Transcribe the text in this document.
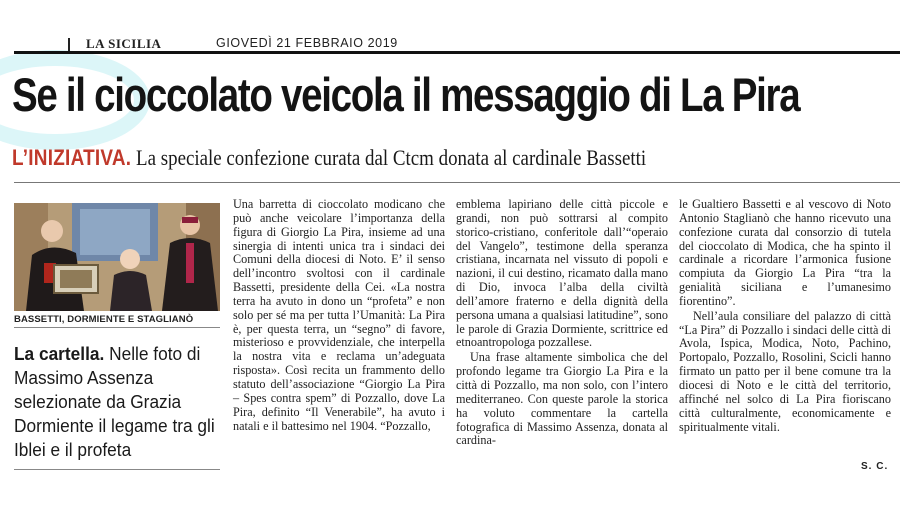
LA SICILIA	GIOVEDÌ 21 FEBBRAIO 2019
Se il cioccolato veicola il messaggio di La Pira
L’INIZIATIVA. La speciale confezione curata dal Ctcm donata al cardinale Bassetti
BASSETTI, DORMIENTE E STAGLIANÒ
La cartella. Nelle foto di Massimo Assenza selezionate da Grazia Dormiente il legame tra gli Iblei e il profeta

Una barretta di cioccolato modicano che può anche veicolare l’importanza della figura di Giorgio La Pira, insieme ad una sinergia di intenti unica tra i sindaci dei Comuni della diocesi di Noto. E’ il senso dell’incontro svoltosi con il cardinale Bassetti, presidente della Cei. «La nostra terra ha avuto in dono un “profeta” e non solo per sé ma per tutta l’Umanità: La Pira è, per questa terra, un “segno” di favore, misterioso e provvidenziale, che interpella la nostra vita e reclama un’adeguata risposta». Così recita un frammento dello statuto dell’associazione “Giorgio La Pira – Spes contra spem” di Pozzallo, dove La Pira, definito “Il Venerabile”, ha avuto i natali e il battesimo nel 1904. “Pozzallo,

emblema lapiriano delle città piccole e grandi, non può sottrarsi al compito storico-cristiano, conferitole dall’“operaio del Vangelo”, testimone della speranza cristiana, incarnata nel vissuto di popoli e nazioni, il cui destino, ricamato dalla mano di Dio, invoca l’alba della civiltà dell’amore fraterno e della dignità della persona umana a qualsiasi latitudine”, sono le parole di Grazia Dormiente, scrittrice ed etnoantropologa pozzallese.

Una frase altamente simbolica che del profondo legame tra Giorgio La Pira e la città di Pozzallo, ma non solo, con l’intero mediterraneo. Con queste parole la storica ha voluto commentare la cartella fotografica di Massimo Assenza, donata al cardina-

le Gualtiero Bassetti e al vescovo di Noto Antonio Staglianò che hanno ricevuto una confezione curata dal consorzio di tutela del cioccolato di Modica, che ha spinto il cardinale a ricordare l’armonica fusione compiuta da Giorgio La Pira “tra la genialità siciliana e l’umanesimo fiorentino”.

Nell’aula consiliare del palazzo di città “La Pira” di Pozzallo i sindaci delle città di Avola, Ispica, Modica, Noto, Pachino, Portopalo, Pozzallo, Rosolini, Scicli hanno firmato un patto per il bene comune tra la diocesi di Noto e le città del territorio, affinché nel solco di La Pira fioriscano città culturalmente, economicamente e spiritualmente vitali.

S. C.
